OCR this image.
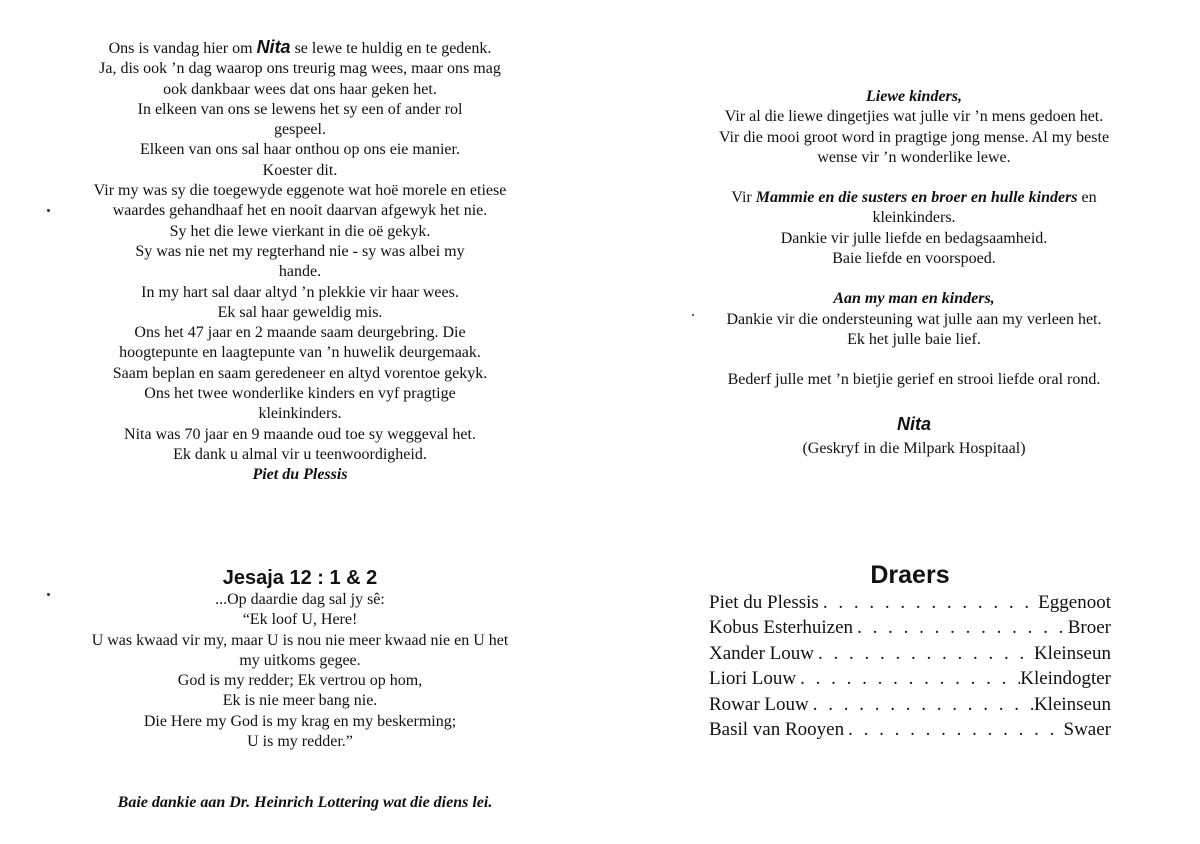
Ons is vandag hier om Nita se lewe te huldig en te gedenk.
Ja, dis ook ’n dag waarop ons treurig mag wees, maar ons mag ook dankbaar wees dat ons haar geken het.
In elkeen van ons se lewens het sy een of ander rol gespeel.
Elkeen van ons sal haar onthou op ons eie manier. Koester dit.
Vir my was sy die toegewyde eggenote wat hoë morele en etiese waardes gehandhaaf het en nooit daarvan afgewyk het nie.
Sy het die lewe vierkant in die oë gekyk.
Sy was nie net my regterhand nie - sy was albei my hande.
In my hart sal daar altyd ’n plekkie vir haar wees.
Ek sal haar geweldig mis.
Ons het 47 jaar en 2 maande saam deurgebring. Die hoogtepunte en laagtepunte van ’n huwelik deurgemaak.
Saam beplan en saam geredeneer en altyd vorentoe gekyk.
Ons het twee wonderlike kinders en vyf pragtige kleinkinders.
Nita was 70 jaar en 9 maande oud toe sy weggeval het.
Ek dank u almal vir u teenwoordigheid.
Piet du Plessis
Jesaja 12 : 1 & 2
...Op daardie dag sal jy sê:
“Ek loof U, Here!
U was kwaad vir my, maar U is nou nie meer kwaad nie en U het my uitkoms gegee.
God is my redder; Ek vertrou op hom,
Ek is nie meer bang nie.
Die Here my God is my krag en my beskerming;
U is my redder.”
Baie dankie aan Dr. Heinrich Lottering wat die diens lei.
Liewe kinders,
Vir al die liewe dingetjies wat julle vir ’n mens gedoen het.
Vir die mooi groot word in pragtige jong mense. Al my beste wense vir ’n wonderlike lewe.
Vir Mammie en die susters en broer en hulle kinders en kleinkinders.
Dankie vir julle liefde en bedagsaamheid.
Baie liefde en voorspoed.
Aan my man en kinders,
Dankie vir die ondersteuning wat julle aan my verleen het.
Ek het julle baie lief.
Bederf julle met ’n bietjie gerief en strooi liefde oral rond.
Nita
(Geskryf in die Milpark Hospitaal)
Draers
Piet du Plessis . . .	Eggenoot
Kobus Esterhuizen . . .	Broer
Xander Louw . . .	Kleinseun
Liori Louw . . .	Kleindogter
Rowar Louw . . .	Kleinseun
Basil van Rooyen . . .	Swaer
